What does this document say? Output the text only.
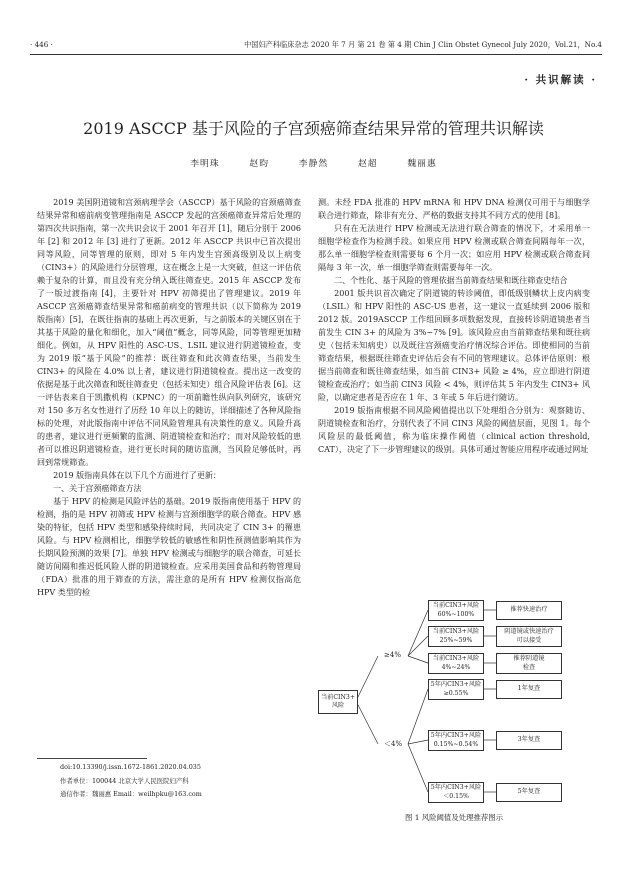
· 446 ·	中国妇产科临床杂志 2020 年 7 月 第 21 卷 第 4 期 Chin J Clin Obstet Gynecol July 2020，Vol.21，No.4
· 共识解读 ·
2019 ASCCP 基于风险的子宫颈癌筛查结果异常的管理共识解读
李明珠 赵昀 李静然 赵超 魏丽惠

2019 美国阴道镜和宫颈病理学会（ASCCP）基于风险的宫颈癌筛查结果异常和癌前病变管理指南是 ASCCP 发起的宫颈癌筛查异常后处理的第四次共识指南，第一次共识会议于 2001 年召开 [1]，随后分别于 2006 年 [2] 和 2012 年 [3] 进行了更新。2012 年 ASCCP 共识中已首次提出同等风险，同等管理的原则，即对 5 年内发生宫颈高级别及以上病变（CIN3+）的风险进行分层管理，这在概念上是一大突破，但这一评估依赖于复杂的计算，而且没有充分纳入既往筛查史。2015 年 ASCCP 发布了一版过渡指南 [4]，主要针对 HPV 初筛提出了管理建议。2019 年 ASCCP 宫颈癌筛查结果异常和癌前病变的管理共识（以下简称为 2019 版指南）[5]，在既往指南的基础上再次更新，与之前版本的关键区别在于其基于风险的量化和细化，加入“阈值”概念，同等风险，同等管理更加精细化。例如，从 HPV 阳性的 ASC-US、LSIL 建议进行阴道镜检查，变为 2019 版“基于风险”的推荐：既往筛查和此次筛查结果，当前发生 CIN3+ 的风险在 4.0% 以上者，建议进行阴道镜检查。提出这一改变的依据是基于此次筛查和既往筛查史（包括未知史）组合风险评估表 [6]。这一评估表来自于凯撒机构（KPNC）的一项前瞻性纵向队列研究，该研究对 150 多万名女性进行了历经 10 年以上的随访，详细描述了各种风险指标的处理，对此版指南中评估不同风险管理具有决策性的意义。风险升高的患者，建议进行更频繁的监测、阴道镜检查和治疗；而对风险较低的患者可以推迟阴道镜检查，进行更长时间的随访监测，当风险足够低时，再回到常规筛查。

2019 版指南具体在以下几个方面进行了更新：

一、关于宫颈癌筛查方法

基于 HPV 的检测是风险评估的基础。2019 版指南使用基于 HPV 的检测，指的是 HPV 初筛或 HPV 检测与宫颈细胞学的联合筛查。HPV 感染的特征，包括 HPV 类型和感染持续时间，共同决定了 CIN 3+ 的罹患风险。与 HPV 检测相比，细胞学较低的敏感性和阴性预测值影响其作为长期风险预测的效果 [7]。单独 HPV 检测或与细胞学的联合筛查，可延长随访间隔和推迟低风险人群的阴道镜检查。应采用美国食品和药物管理局（FDA）批准的用于筛查的方法，需注意的是所有 HPV 检测仅指高危 HPV 类型的检

测。未经 FDA 批准的 HPV mRNA 和 HPV DNA 检测仅可用于与细胞学联合进行筛查，除非有充分、严格的数据支持其不同方式的使用 [8]。

只有在无法进行 HPV 检测或无法进行联合筛查的情况下，才采用单一细胞学检查作为检测手段。如果应用 HPV 检测或联合筛查间隔每年一次，那么单一细胞学检查则需要每 6 个月一次；如应用 HPV 检测或联合筛查间隔每 3 年一次，单一细胞学筛查则需要每年一次。

二、个性化、基于风险的管理依据当前筛查结果和既往筛查史结合

2001 版共识首次确定了阴道镜的转诊阈值，即低级别鳞状上皮内病变（LSIL）和 HPV 阳性的 ASC-US 患者，这一建议一直延续到 2006 版和 2012 版。2019ASCCP 工作组回顾多项数据发现，直接转诊阴道镜患者当前发生 CIN 3+ 的风险为 3%~7% [9]。该风险应由当前筛查结果和既往病史（包括未知病史）以及既往宫颈癌变治疗情况综合评估。即使相同的当前筛查结果，根据既往筛查史评估后会有不同的管理建议。总体评估原则：根据当前筛查和既往筛查结果，如当前 CIN3+ 风险 ≥ 4%，应立即进行阴道镜检查或治疗；如当前 CIN3 风险 < 4%，则评估其 5 年内发生 CIN3+ 风险，以确定患者是否应在 1 年、3 年或 5 年后进行随访。

2019 版指南根据不同风险阈值提出以下处理组合分别为：观察随访、阴道镜检查和治疗，分别代表了不同 CIN3 风险的阈值层面，见图 1。每个风险层的最低阈值，称为临床操作阈值（clinical action threshold, CAT），决定了下一步管理建议的级别。具体可通过智能应用程序或通过网址

doi:10.13390/j.issn.1672-1861.2020.04.035
作者单位：100044 北京大学人民医院妇产科
通信作者：魏丽惠 Email：weilhpku@163.com
当前CIN3+
风险
≥4%
＜4%
当前CIN3+风险
60%~100%
当前CIN3+风险
25%~59%
当前CIN3+风险
4%~24%
5年内CIN3+风险
≥0.55%
5年内CIN3+风险
0.15%~0.54%
5年内CIN3+风险
＜0.15%
推荐快速治疗
阴道镜或快速治疗
可以接受
推荐阴道镜
检查
1年复查
3年复查
5年复查
图 1 风险阈值及处理推荐图示
